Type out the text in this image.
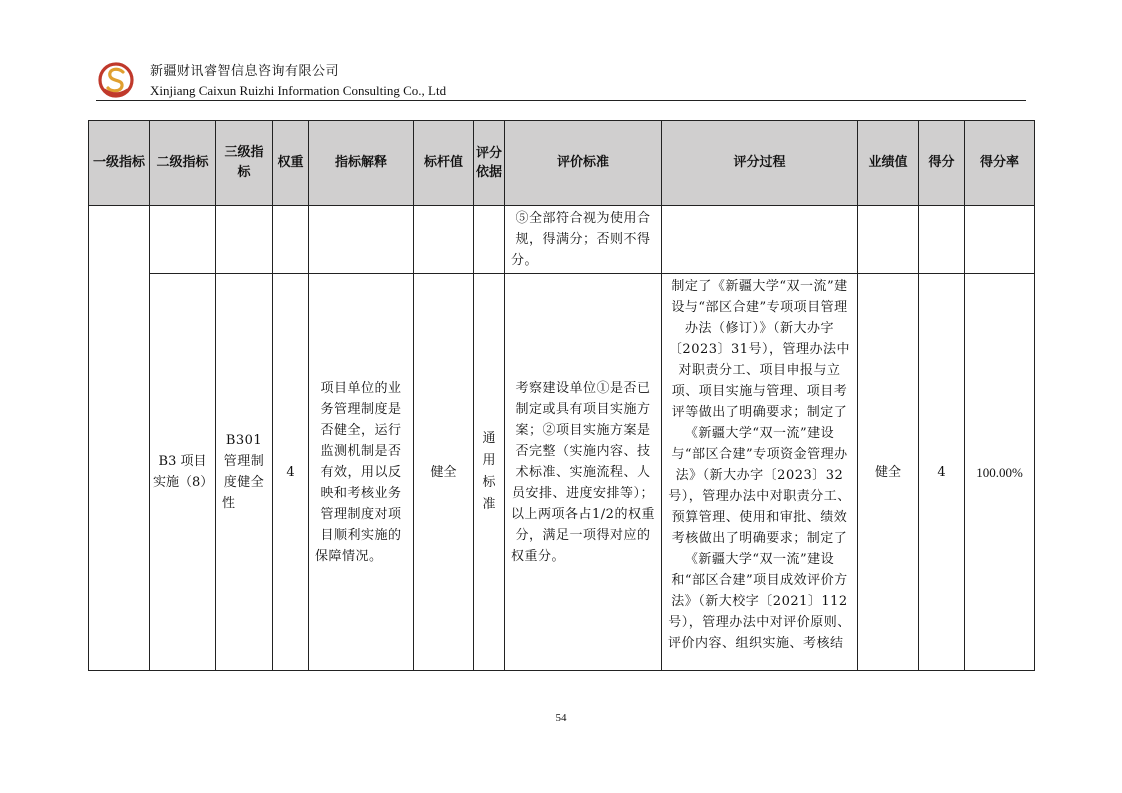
新疆财讯睿智信息咨询有限公司
Xinjiang Caixun Ruizhi Information Consulting Co., Ltd
一级指标	二级指标	三级指标	权重	指标解释	标杆值	评分依据	评价标准	评分过程	业绩值	得分	得分率
							⑤全部符合视为使用合规，得满分；否则不得分。				
	B3 项目实施（8）	B301管理制度健全性	4	项目单位的业务管理制度是否健全，运行监测机制是否有效，用以反映和考核业务管理制度对项目顺利实施的保障情况。	健全	通用标准	考察建设单位①是否已制定或具有项目实施方案；②项目实施方案是否完整（实施内容、技术标准、实施流程、人员安排、进度安排等）；以上两项各占1/2的权重分，满足一项得对应的权重分。	制定了《新疆大学“双一流”建设与“部区合建”专项项目管理办法（修订）》（新大办字〔2023〕31号），管理办法中对职责分工、项目申报与立项、项目实施与管理、项目考评等做出了明确要求；制定了《新疆大学“双一流”建设与“部区合建”专项资金管理办法》（新大办字〔2023〕32号），管理办法中对职责分工、预算管理、使用和审批、绩效考核做出了明确要求；制定了《新疆大学“双一流”建设和“部区合建”项目成效评价方法》（新大校字〔2021〕112号），管理办法中对评价原则、评价内容、组织实施、考核结	健全	4	100.00%
54
